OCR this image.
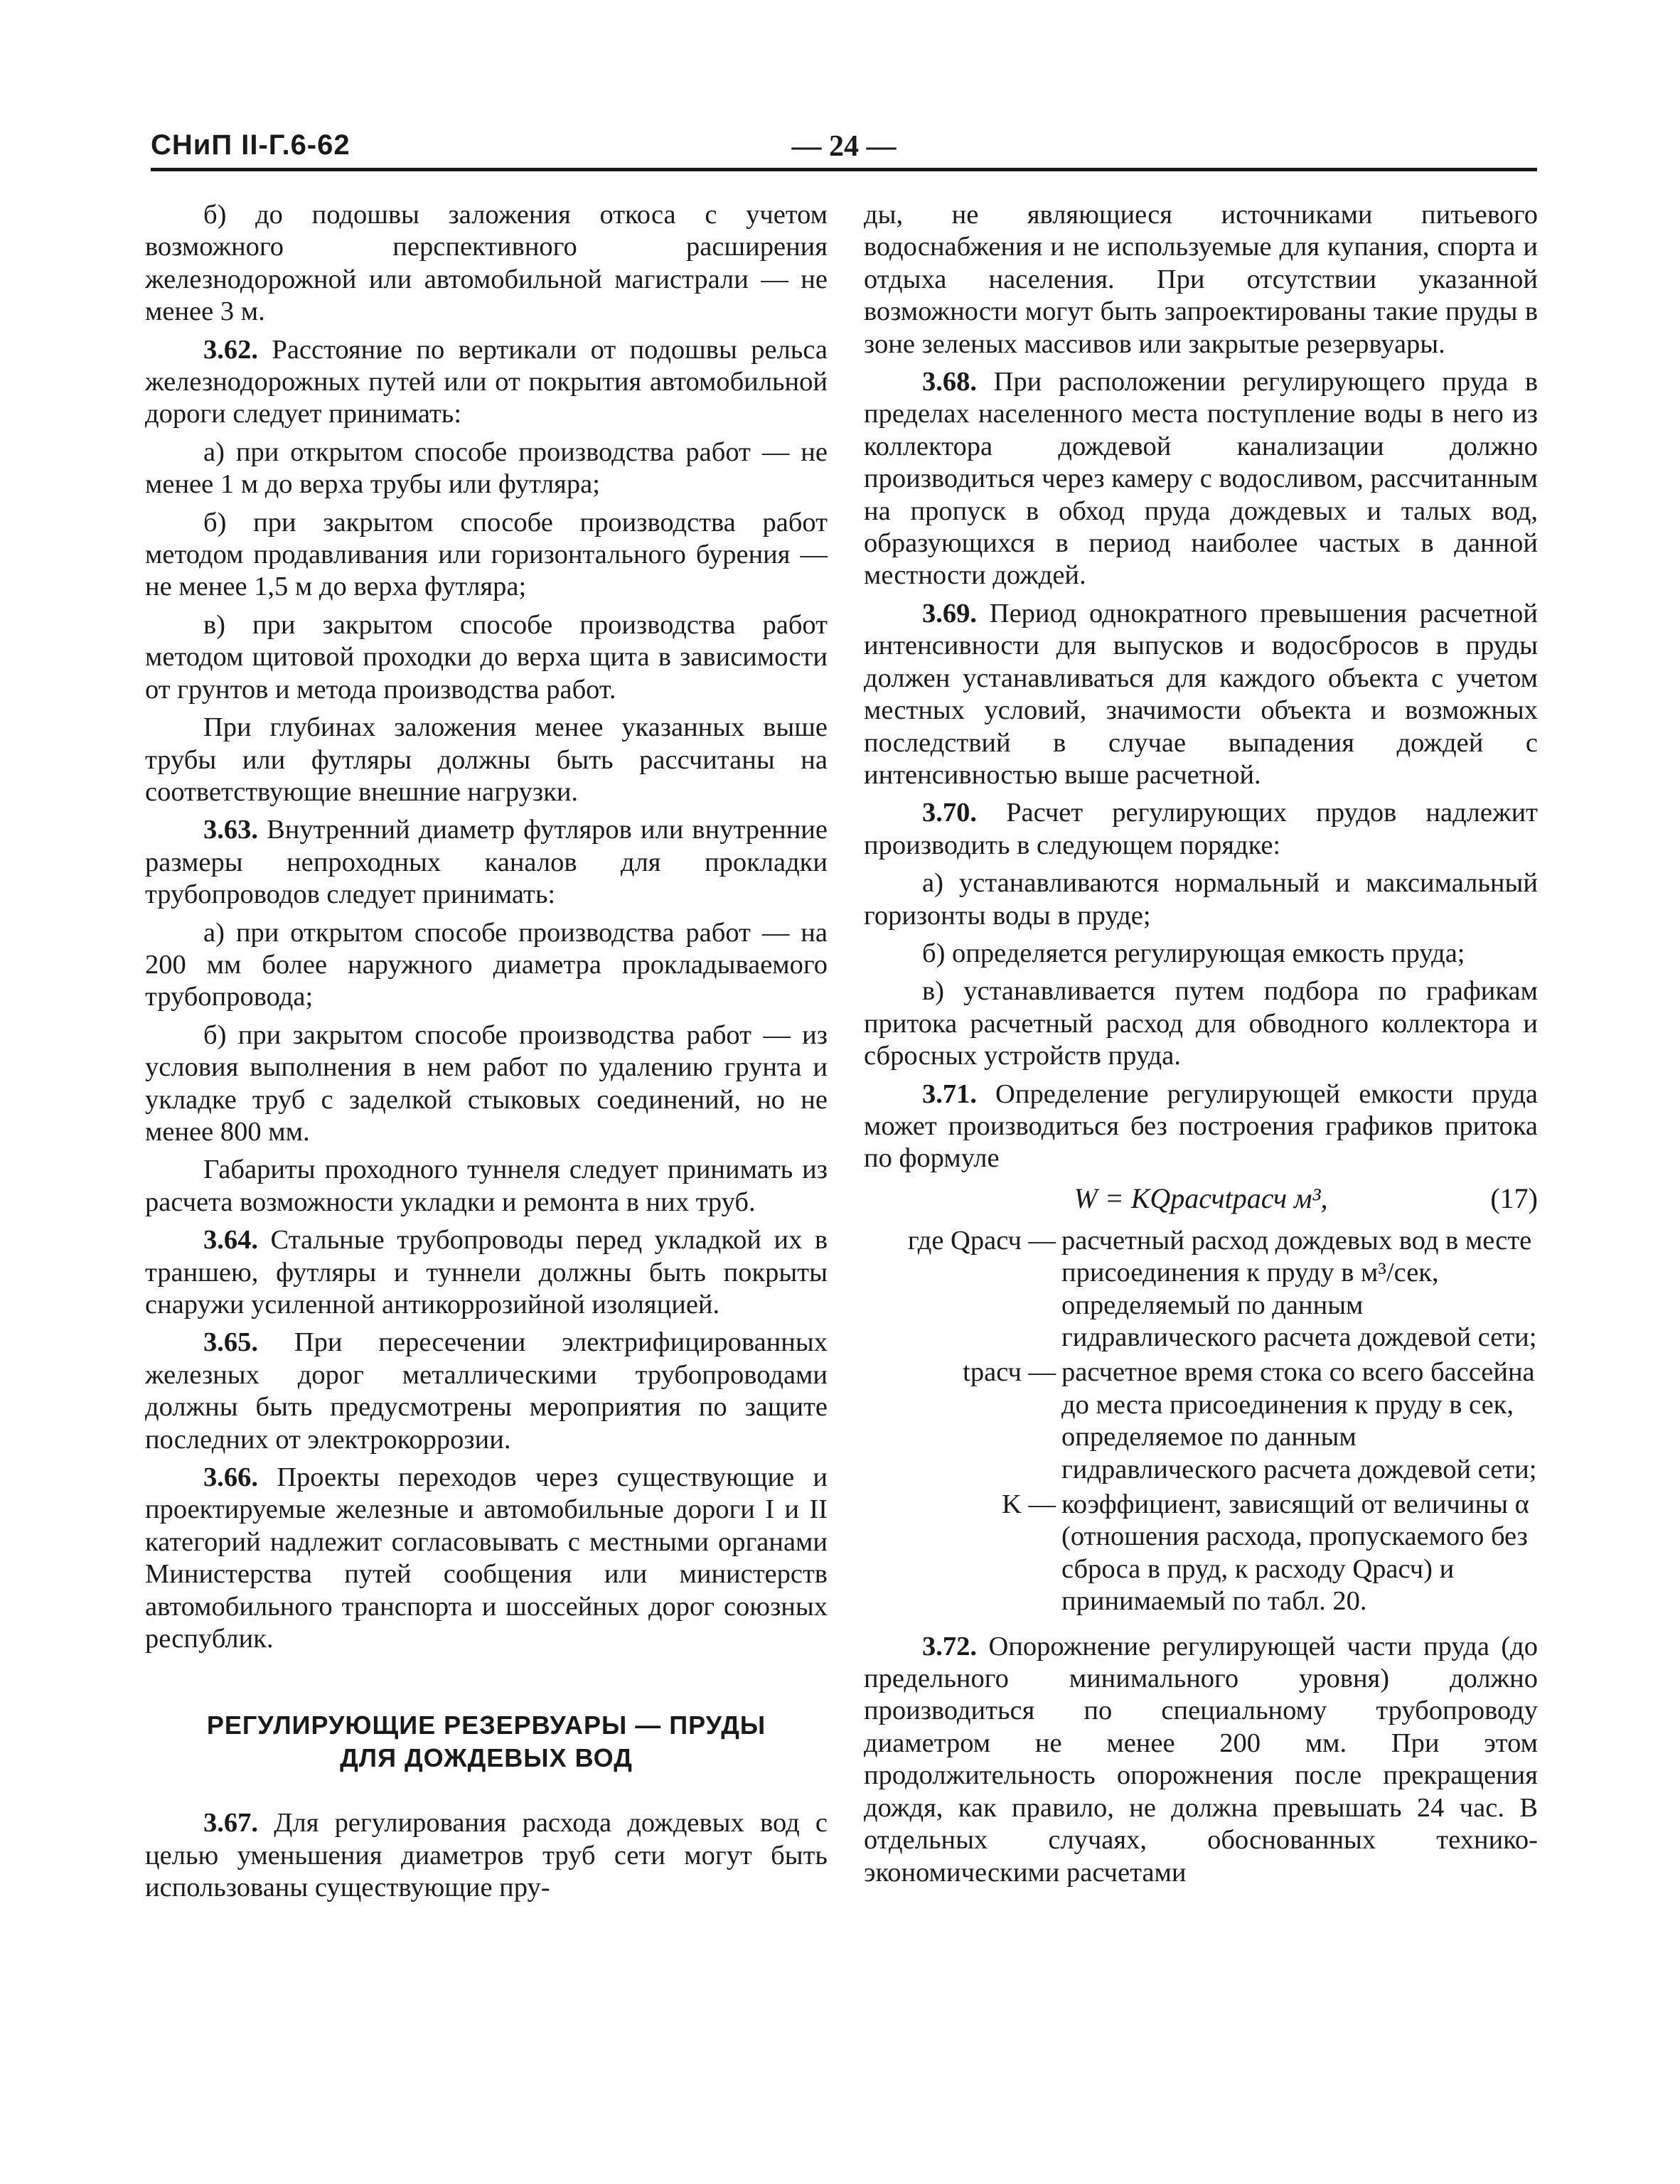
СНиП II-Г.6-62	— 24 —

б) до подошвы заложения откоса с учетом возможного перспективного расширения железнодорожной или автомобильной магистрали — не менее 3 м.

3.62. Расстояние по вертикали от подошвы рельса железнодорожных путей или от покрытия автомобильной дороги следует принимать:

а) при открытом способе производства работ — не менее 1 м до верха трубы или футляра;

б) при закрытом способе производства работ методом продавливания или горизонтального бурения — не менее 1,5 м до верха футляра;

в) при закрытом способе производства работ методом щитовой проходки до верха щита в зависимости от грунтов и метода производства работ.

При глубинах заложения менее указанных выше трубы или футляры должны быть рассчитаны на соответствующие внешние нагрузки.

3.63. Внутренний диаметр футляров или внутренние размеры непроходных каналов для прокладки трубопроводов следует принимать:

а) при открытом способе производства работ — на 200 мм более наружного диаметра прокладываемого трубопровода;

б) при закрытом способе производства работ — из условия выполнения в нем работ по удалению грунта и укладке труб с заделкой стыковых соединений, но не менее 800 мм.

Габариты проходного туннеля следует принимать из расчета возможности укладки и ремонта в них труб.

3.64. Стальные трубопроводы перед укладкой их в траншею, футляры и туннели должны быть покрыты снаружи усиленной антикоррозийной изоляцией.

3.65. При пересечении электрифицированных железных дорог металлическими трубопроводами должны быть предусмотрены мероприятия по защите последних от электрокоррозии.

3.66. Проекты переходов через существующие и проектируемые железные и автомобильные дороги I и II категорий надлежит согласовывать с местными органами Министерства путей сообщения или министерств автомобильного транспорта и шоссейных дорог союзных республик.

РЕГУЛИРУЮЩИЕ РЕЗЕРВУАРЫ — ПРУДЫ
ДЛЯ ДОЖДЕВЫХ ВОД

3.67. Для регулирования расхода дождевых вод с целью уменьшения диаметров труб сети могут быть использованы существующие пру-

ды, не являющиеся источниками питьевого водоснабжения и не используемые для купания, спорта и отдыха населения. При отсутствии указанной возможности могут быть запроектированы такие пруды в зоне зеленых массивов или закрытые резервуары.

3.68. При расположении регулирующего пруда в пределах населенного места поступление воды в него из коллектора дождевой канализации должно производиться через камеру с водосливом, рассчитанным на пропуск в обход пруда дождевых и талых вод, образующихся в период наиболее частых в данной местности дождей.

3.69. Период однократного превышения расчетной интенсивности для выпусков и водосбросов в пруды должен устанавливаться для каждого объекта с учетом местных условий, значимости объекта и возможных последствий в случае выпадения дождей с интенсивностью выше расчетной.

3.70. Расчет регулирующих прудов надлежит производить в следующем порядке:

а) устанавливаются нормальный и максимальный горизонты воды в пруде;

б) определяется регулирующая емкость пруда;

в) устанавливается путем подбора по графикам притока расчетный расход для обводного коллектора и сбросных устройств пруда.

3.71. Определение регулирующей емкости пруда может производиться без построения графиков притока по формуле

W = KQрасчtрасч м³,	(17)
где Qрасч — расчетный расход дождевых вод в месте присоединения к пруду в м³/сек, определяемый по данным гидравлического расчета дождевой сети;
tрасч — расчетное время стока со всего бассейна до места присоединения к пруду в сек, определяемое по данным гидравлического расчета дождевой сети;
K — коэффициент, зависящий от величины α (отношения расхода, пропускаемого без сброса в пруд, к расходу Qрасч) и принимаемый по табл. 20.

3.72. Опорожнение регулирующей части пруда (до предельного минимального уровня) должно производиться по специальному трубопроводу диаметром не менее 200 мм. При этом продолжительность опорожнения после прекращения дождя, как правило, не должна превышать 24 час. В отдельных случаях, обоснованных технико-экономическими расчетами
